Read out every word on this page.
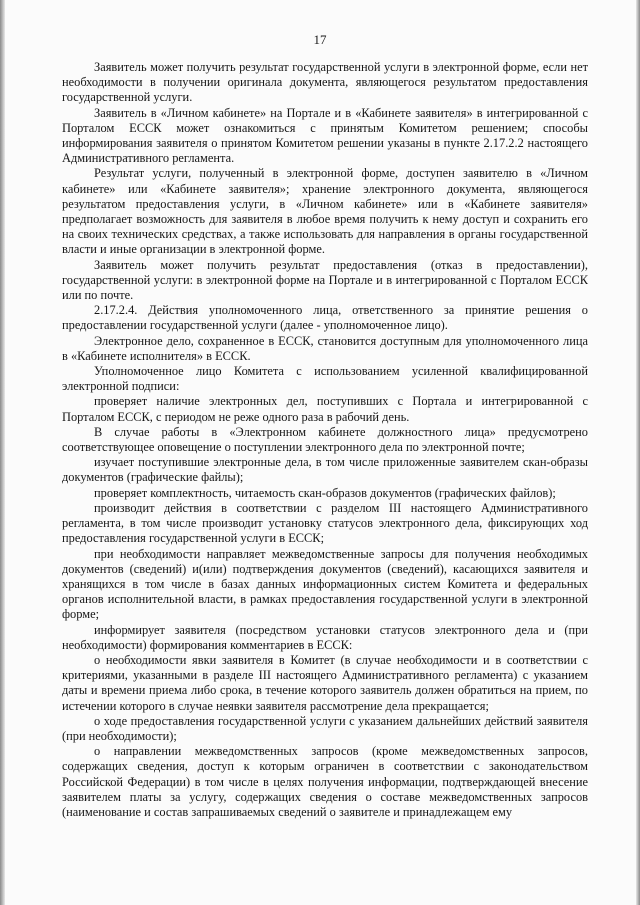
17

Заявитель может получить результат государственной услуги в электронной форме, если нет необходимости в получении оригинала документа, являющегося результатом предоставления государственной услуги.

Заявитель в «Личном кабинете» на Портале и в «Кабинете заявителя» в интегрированной с Порталом ЕССК может ознакомиться с принятым Комитетом решением; способы информирования заявителя о принятом Комитетом решении указаны в пункте 2.17.2.2 настоящего Административного регламента.

Результат услуги, полученный в электронной форме, доступен заявителю в «Личном кабинете» или «Кабинете заявителя»; хранение электронного документа, являющегося результатом предоставления услуги, в «Личном кабинете» или в «Кабинете заявителя» предполагает возможность для заявителя в любое время получить к нему доступ и сохранить его на своих технических средствах, а также использовать для направления в органы государственной власти и иные организации в электронной форме.

Заявитель может получить результат предоставления (отказ в предоставлении), государственной услуги: в электронной форме на Портале и в интегрированной с Порталом ЕССК или по почте.

2.17.2.4. Действия уполномоченного лица, ответственного за принятие решения о предоставлении государственной услуги (далее - уполномоченное лицо).

Электронное дело, сохраненное в ЕССК, становится доступным для уполномоченного лица в «Кабинете исполнителя» в ЕССК.

Уполномоченное лицо Комитета с использованием усиленной квалифицированной электронной подписи:

проверяет наличие электронных дел, поступивших с Портала и интегрированной с Порталом ЕССК, с периодом не реже одного раза в рабочий день.

В случае работы в «Электронном кабинете должностного лица» предусмотрено соответствующее оповещение о поступлении электронного дела по электронной почте;

изучает поступившие электронные дела, в том числе приложенные заявителем скан-образы документов (графические файлы);

проверяет комплектность, читаемость скан-образов документов (графических файлов);

производит действия в соответствии с разделом III настоящего Административного регламента, в том числе производит установку статусов электронного дела, фиксирующих ход предоставления государственной услуги в ЕССК;

при необходимости направляет межведомственные запросы для получения необходимых документов (сведений) и(или) подтверждения документов (сведений), касающихся заявителя и хранящихся в том числе в базах данных информационных систем Комитета и федеральных органов исполнительной власти, в рамках предоставления государственной услуги в электронной форме;

информирует заявителя (посредством установки статусов электронного дела и (при необходимости) формирования комментариев в ЕССК:

о необходимости явки заявителя в Комитет (в случае необходимости и в соответствии с критериями, указанными в разделе III настоящего Административного регламента) с указанием даты и времени приема либо срока, в течение которого заявитель должен обратиться на прием, по истечении которого в случае неявки заявителя рассмотрение дела прекращается;

о ходе предоставления государственной услуги с указанием дальнейших действий заявителя (при необходимости);

о направлении межведомственных запросов (кроме межведомственных запросов, содержащих сведения, доступ к которым ограничен в соответствии с законодательством Российской Федерации) в том числе в целях получения информации, подтверждающей внесение заявителем платы за услугу, содержащих сведения о составе межведомственных запросов (наименование и состав запрашиваемых сведений о заявителе и принадлежащем ему
